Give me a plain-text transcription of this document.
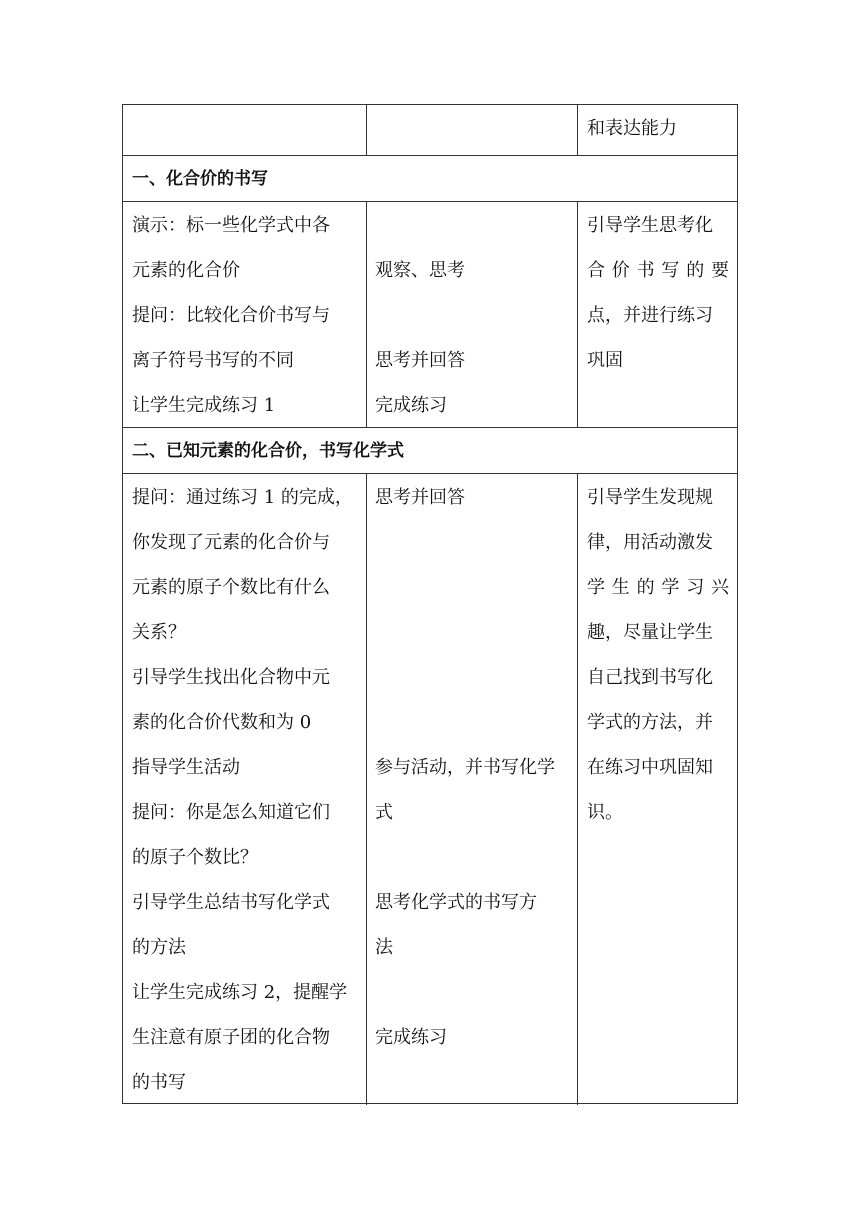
和表达能力
一、化合价的书写
演示：标一些化学式中各
元素的化合价
提问：比较化合价书写与
离子符号书写的不同
让学生完成练习 1
观察、思考
思考并回答
完成练习
引导学生思考化
合价书写的要
点，并进行练习
巩固
二、已知元素的化合价，书写化学式
提问：通过练习 1 的完成，
你发现了元素的化合价与
元素的原子个数比有什么
关系？
引导学生找出化合物中元
素的化合价代数和为 0
指导学生活动
提问：你是怎么知道它们
的原子个数比？
引导学生总结书写化学式
的方法
让学生完成练习 2，提醒学
生注意有原子团的化合物
的书写
思考并回答
参与活动，并书写化学
式
思考化学式的书写方
法
完成练习
引导学生发现规
律，用活动激发
学生的学习兴
趣，尽量让学生
自己找到书写化
学式的方法，并
在练习中巩固知
识。
